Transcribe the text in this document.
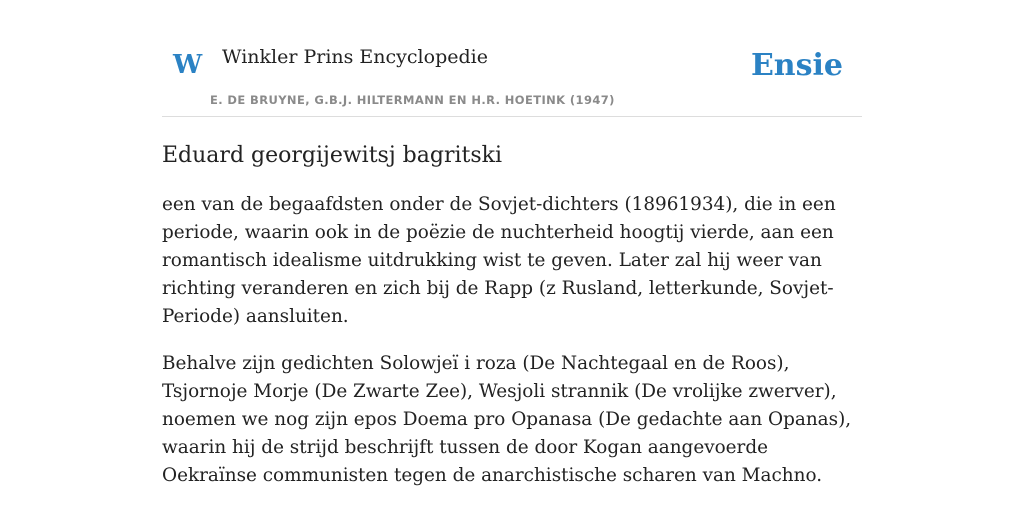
W Winkler Prins Encyclopedie
E. DE BRUYNE, G.B.J. HILTERMANN EN H.R. HOETINK (1947)
Ensie
Eduard georgijewitsj bagritski

een van de begaafdsten onder de Sovjet-dichters (18961934), die in een periode, waarin ook in de poëzie de nuchterheid hoogtij vierde, aan een romantisch idealisme uitdrukking wist te geven. Later zal hij weer van richting veranderen en zich bij de Rapp (z Rusland, letterkunde, Sovjet-Periode) aansluiten.

Behalve zijn gedichten Solowjeï i roza (De Nachtegaal en de Roos), Tsjornoje Morje (De Zwarte Zee), Wesjoli strannik (De vrolijke zwerver), noemen we nog zijn epos Doema pro Opanasa (De gedachte aan Opanas), waarin hij de strijd beschrijft tussen de door Kogan aangevoerde Oekraïnse communisten tegen de anarchistische scharen van Machno.
